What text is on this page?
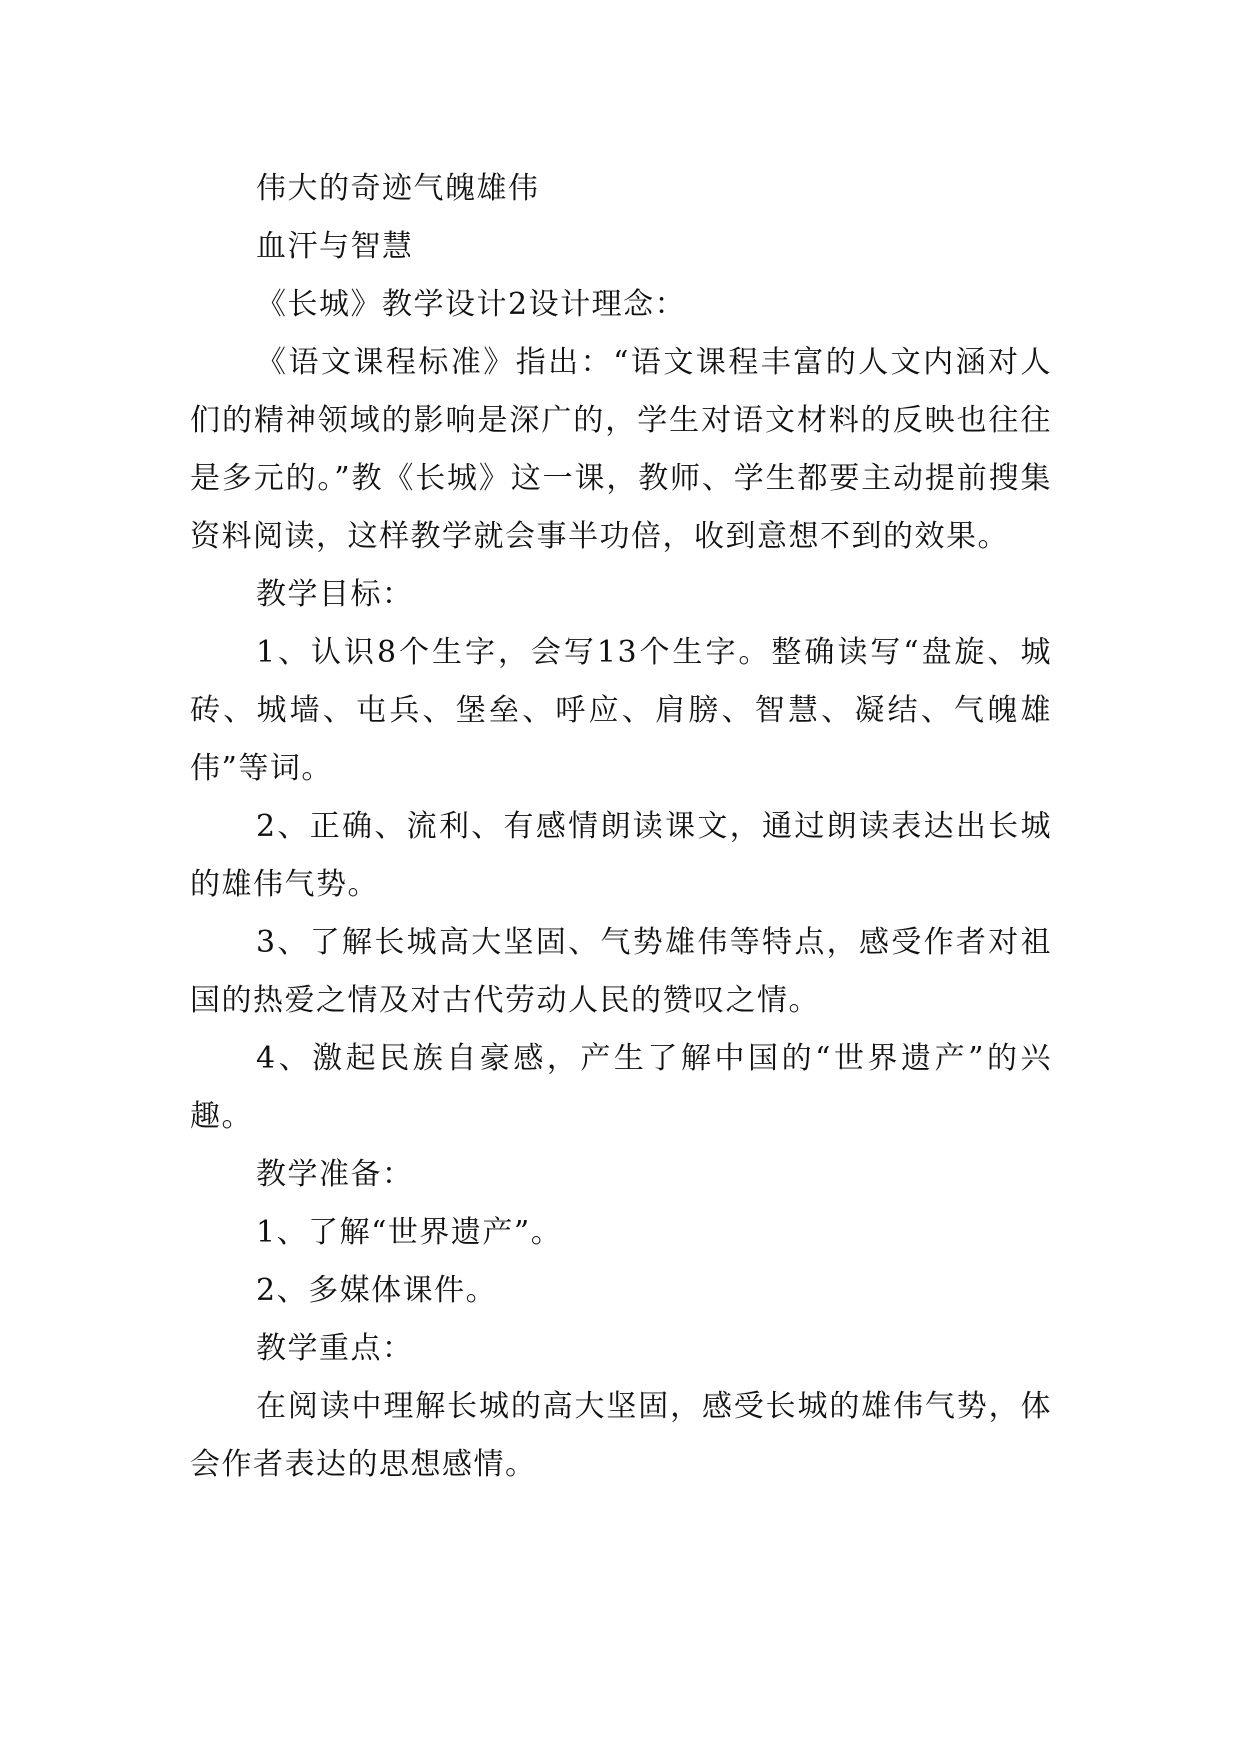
伟大的奇迹气魄雄伟

血汗与智慧

《长城》教学设计2设计理念：

《语文课程标准》指出：“语文课程丰富的人文内涵对人们的精神领域的影响是深广的，学生对语文材料的反映也往往是多元的。”教《长城》这一课，教师、学生都要主动提前搜集资料阅读，这样教学就会事半功倍，收到意想不到的效果。

教学目标：

1、认识8个生字，会写13个生字。整确读写“盘旋、城砖、城墙、屯兵、堡垒、呼应、肩膀、智慧、凝结、气魄雄伟”等词。

2、正确、流利、有感情朗读课文，通过朗读表达出长城的雄伟气势。

3、了解长城高大坚固、气势雄伟等特点，感受作者对祖国的热爱之情及对古代劳动人民的赞叹之情。

4、激起民族自豪感，产生了解中国的“世界遗产”的兴趣。

教学准备：

1、了解“世界遗产”。

2、多媒体课件。

教学重点：

在阅读中理解长城的高大坚固，感受长城的雄伟气势，体会作者表达的思想感情。
